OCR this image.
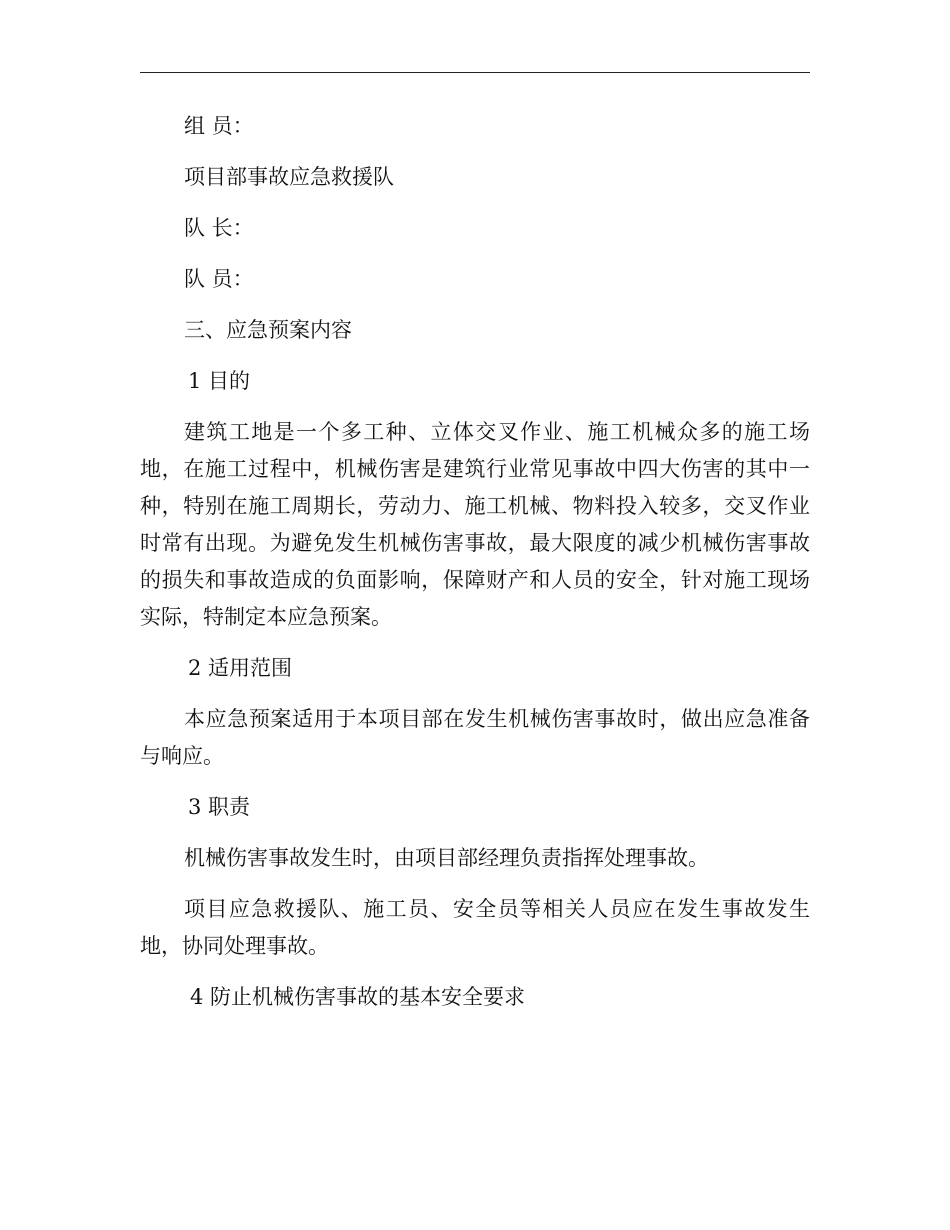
组 员：

项目部事故应急救援队

队 长：

队 员：

三、应急预案内容

1 目的

建筑工地是一个多工种、立体交叉作业、施工机械众多的施工场地，在施工过程中，机械伤害是建筑行业常见事故中四大伤害的其中一种，特别在施工周期长，劳动力、施工机械、物料投入较多，交叉作业时常有出现。为避免发生机械伤害事故，最大限度的减少机械伤害事故的损失和事故造成的负面影响，保障财产和人员的安全，针对施工现场实际，特制定本应急预案。

2 适用范围

本应急预案适用于本项目部在发生机械伤害事故时，做出应急准备与响应。

3 职责

机械伤害事故发生时，由项目部经理负责指挥处理事故。

项目应急救援队、施工员、安全员等相关人员应在发生事故发生地，协同处理事故。

4 防止机械伤害事故的基本安全要求
